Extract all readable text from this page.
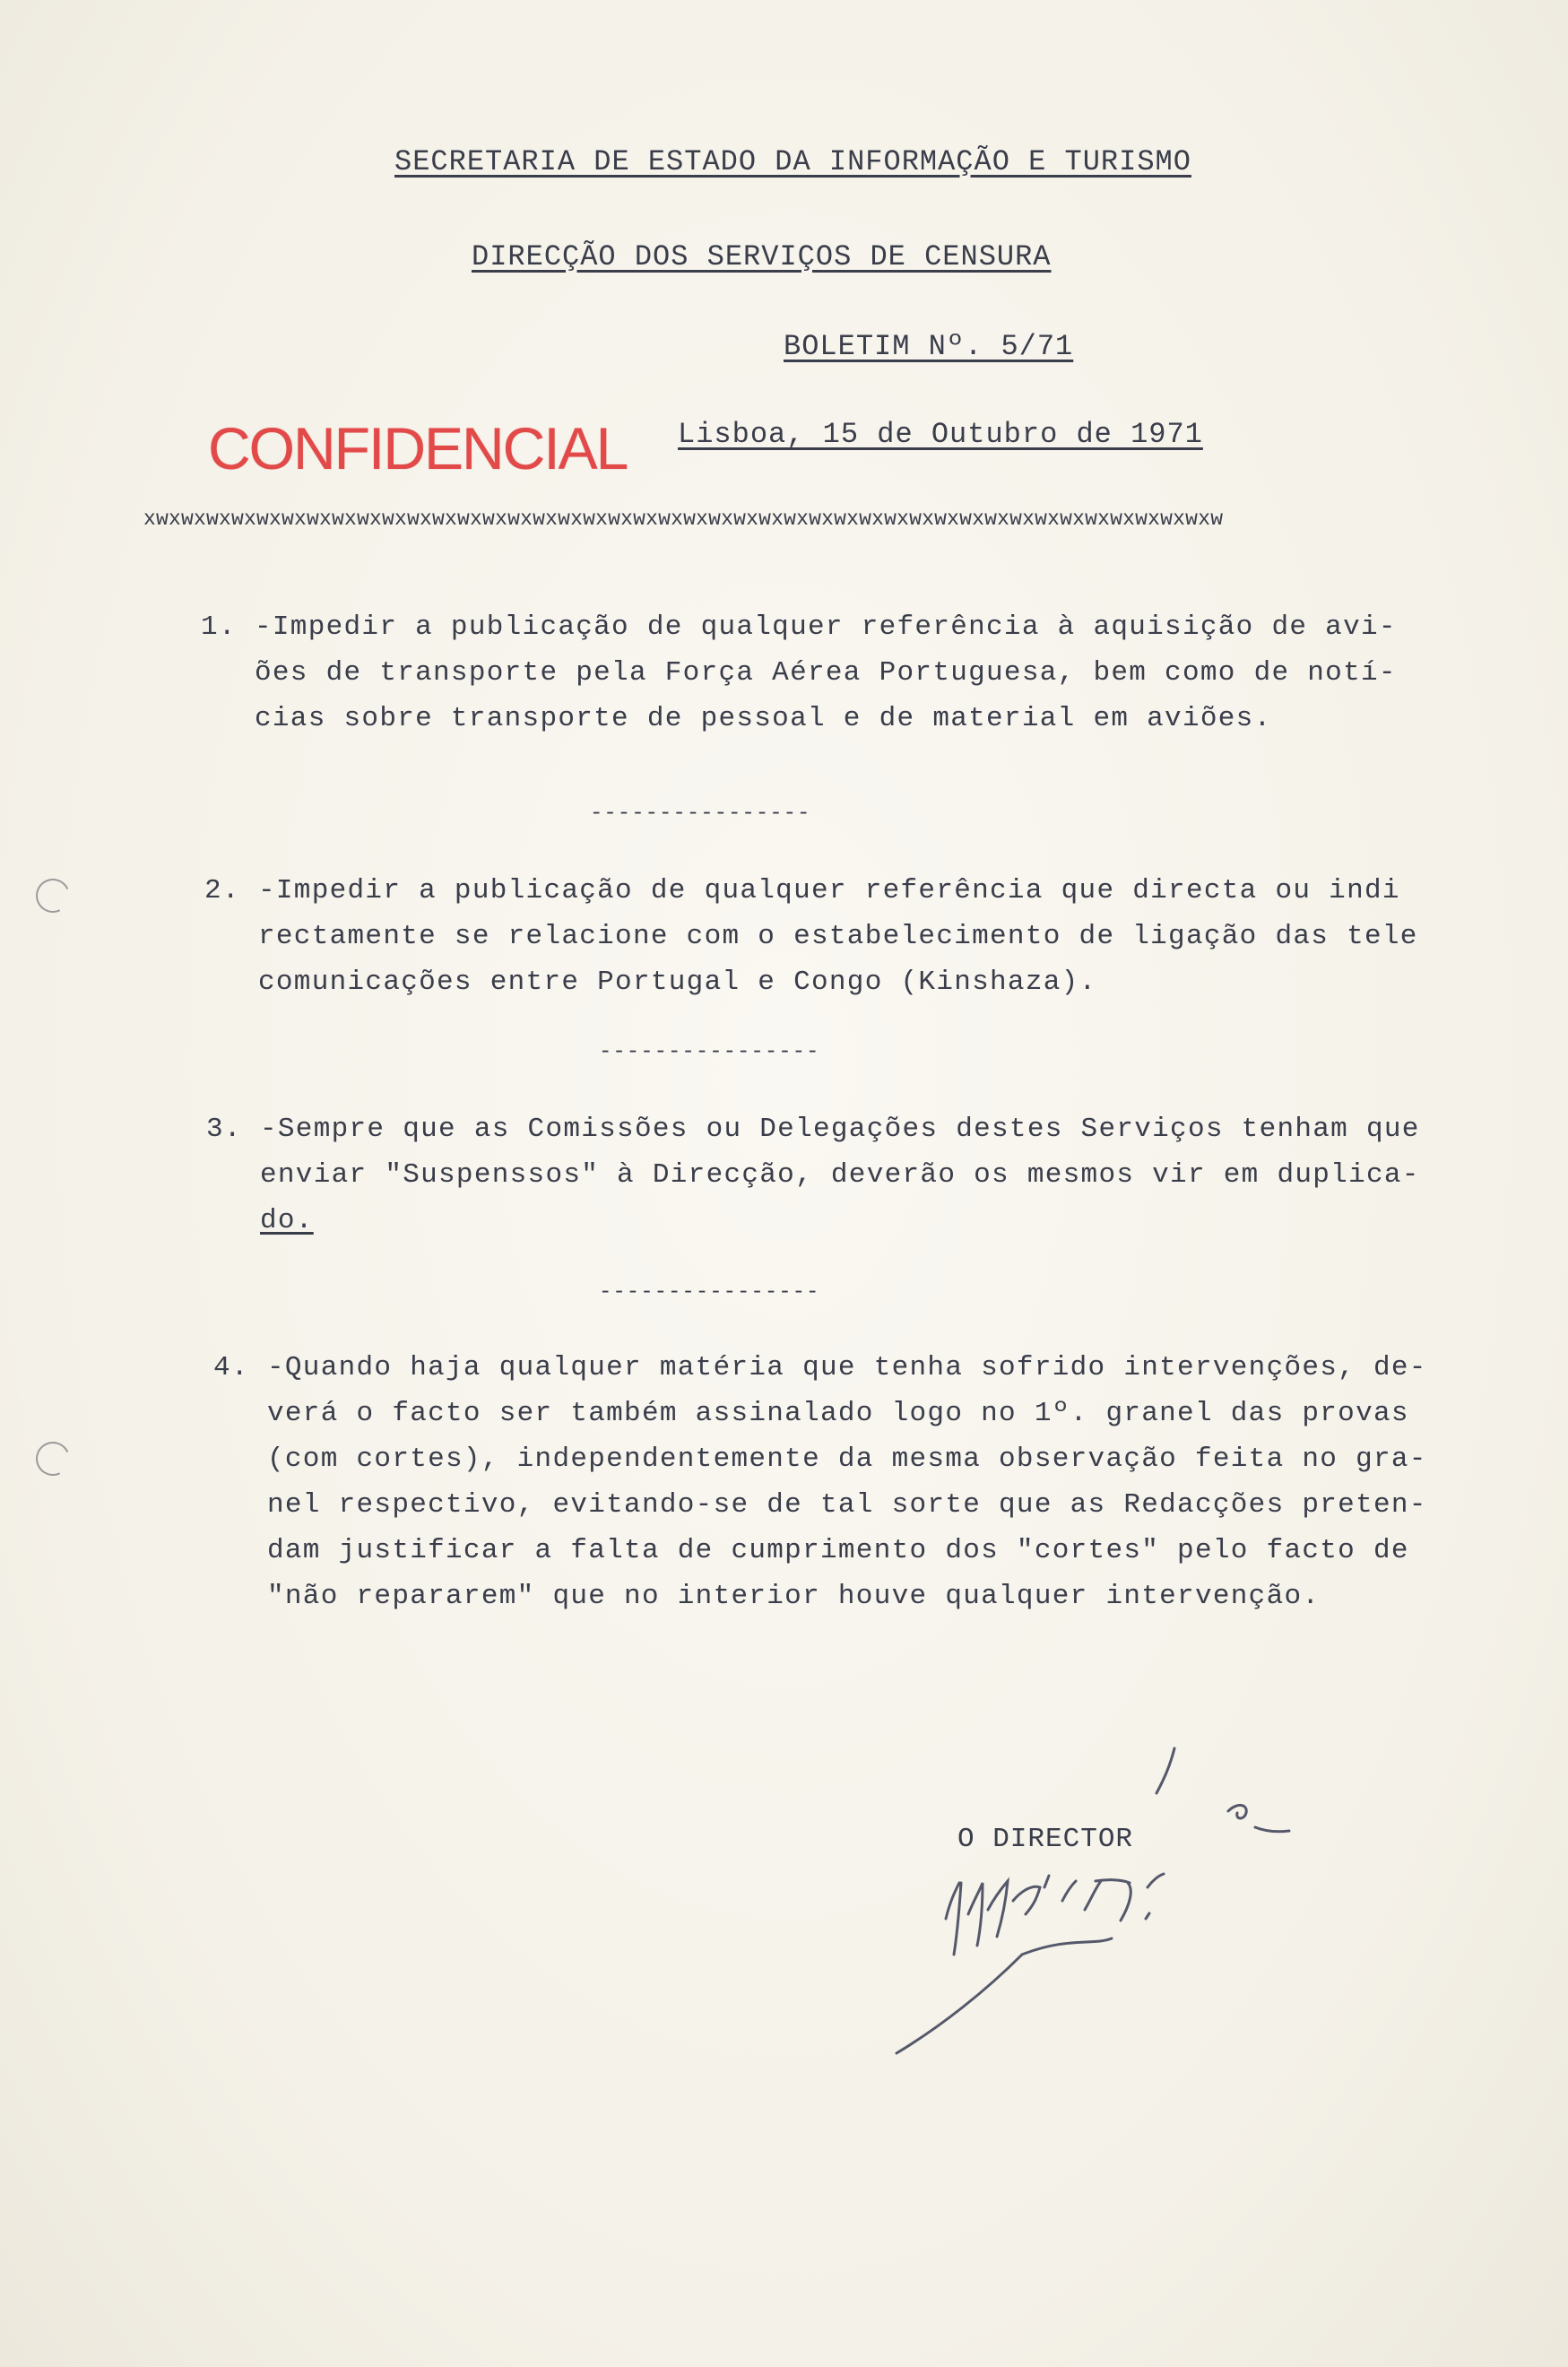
SECRETARIA DE ESTADO DA INFORMAÇÃO E TURISMO
DIRECÇÃO DOS SERVIÇOS DE CENSURA
BOLETIM Nº. 5/71
Lisboa, 15 de Outubro de 1971
CONFIDENCIAL
xwxwxwxwxwxwxwxwxwxwxwxwxwxwxwxwxwxwxwxwxwxwxwxwxwxwxwxwxwxwxwxwxwxwxwxwxwxwxwxwxwxwxw
1. -Impedir a publicação de qualquer referência à aquisição de avi-
ões de transporte pela Força Aérea Portuguesa, bem como de notí-
cias sobre transporte de pessoal e de material em aviões.
----------------
2. -Impedir a publicação de qualquer referência que directa ou indi
rectamente se relacione com o estabelecimento de ligação das tele
comunicações entre Portugal e Congo (Kinshaza).
----------------
3. -Sempre que as Comissões ou Delegações destes Serviços tenham que
enviar "Suspenssos" à Direcção, deverão os mesmos vir em duplica-
do.
----------------
4. -Quando haja qualquer matéria que tenha sofrido intervenções, de-
verá o facto ser também assinalado logo no 1º. granel das provas
(com cortes), independentemente da mesma observação feita no gra-
nel respectivo, evitando-se de tal sorte que as Redacções preten-
dam justificar a falta de cumprimento dos "cortes" pelo facto de
"não repararem" que no interior houve qualquer intervenção.
O DIRECTOR
